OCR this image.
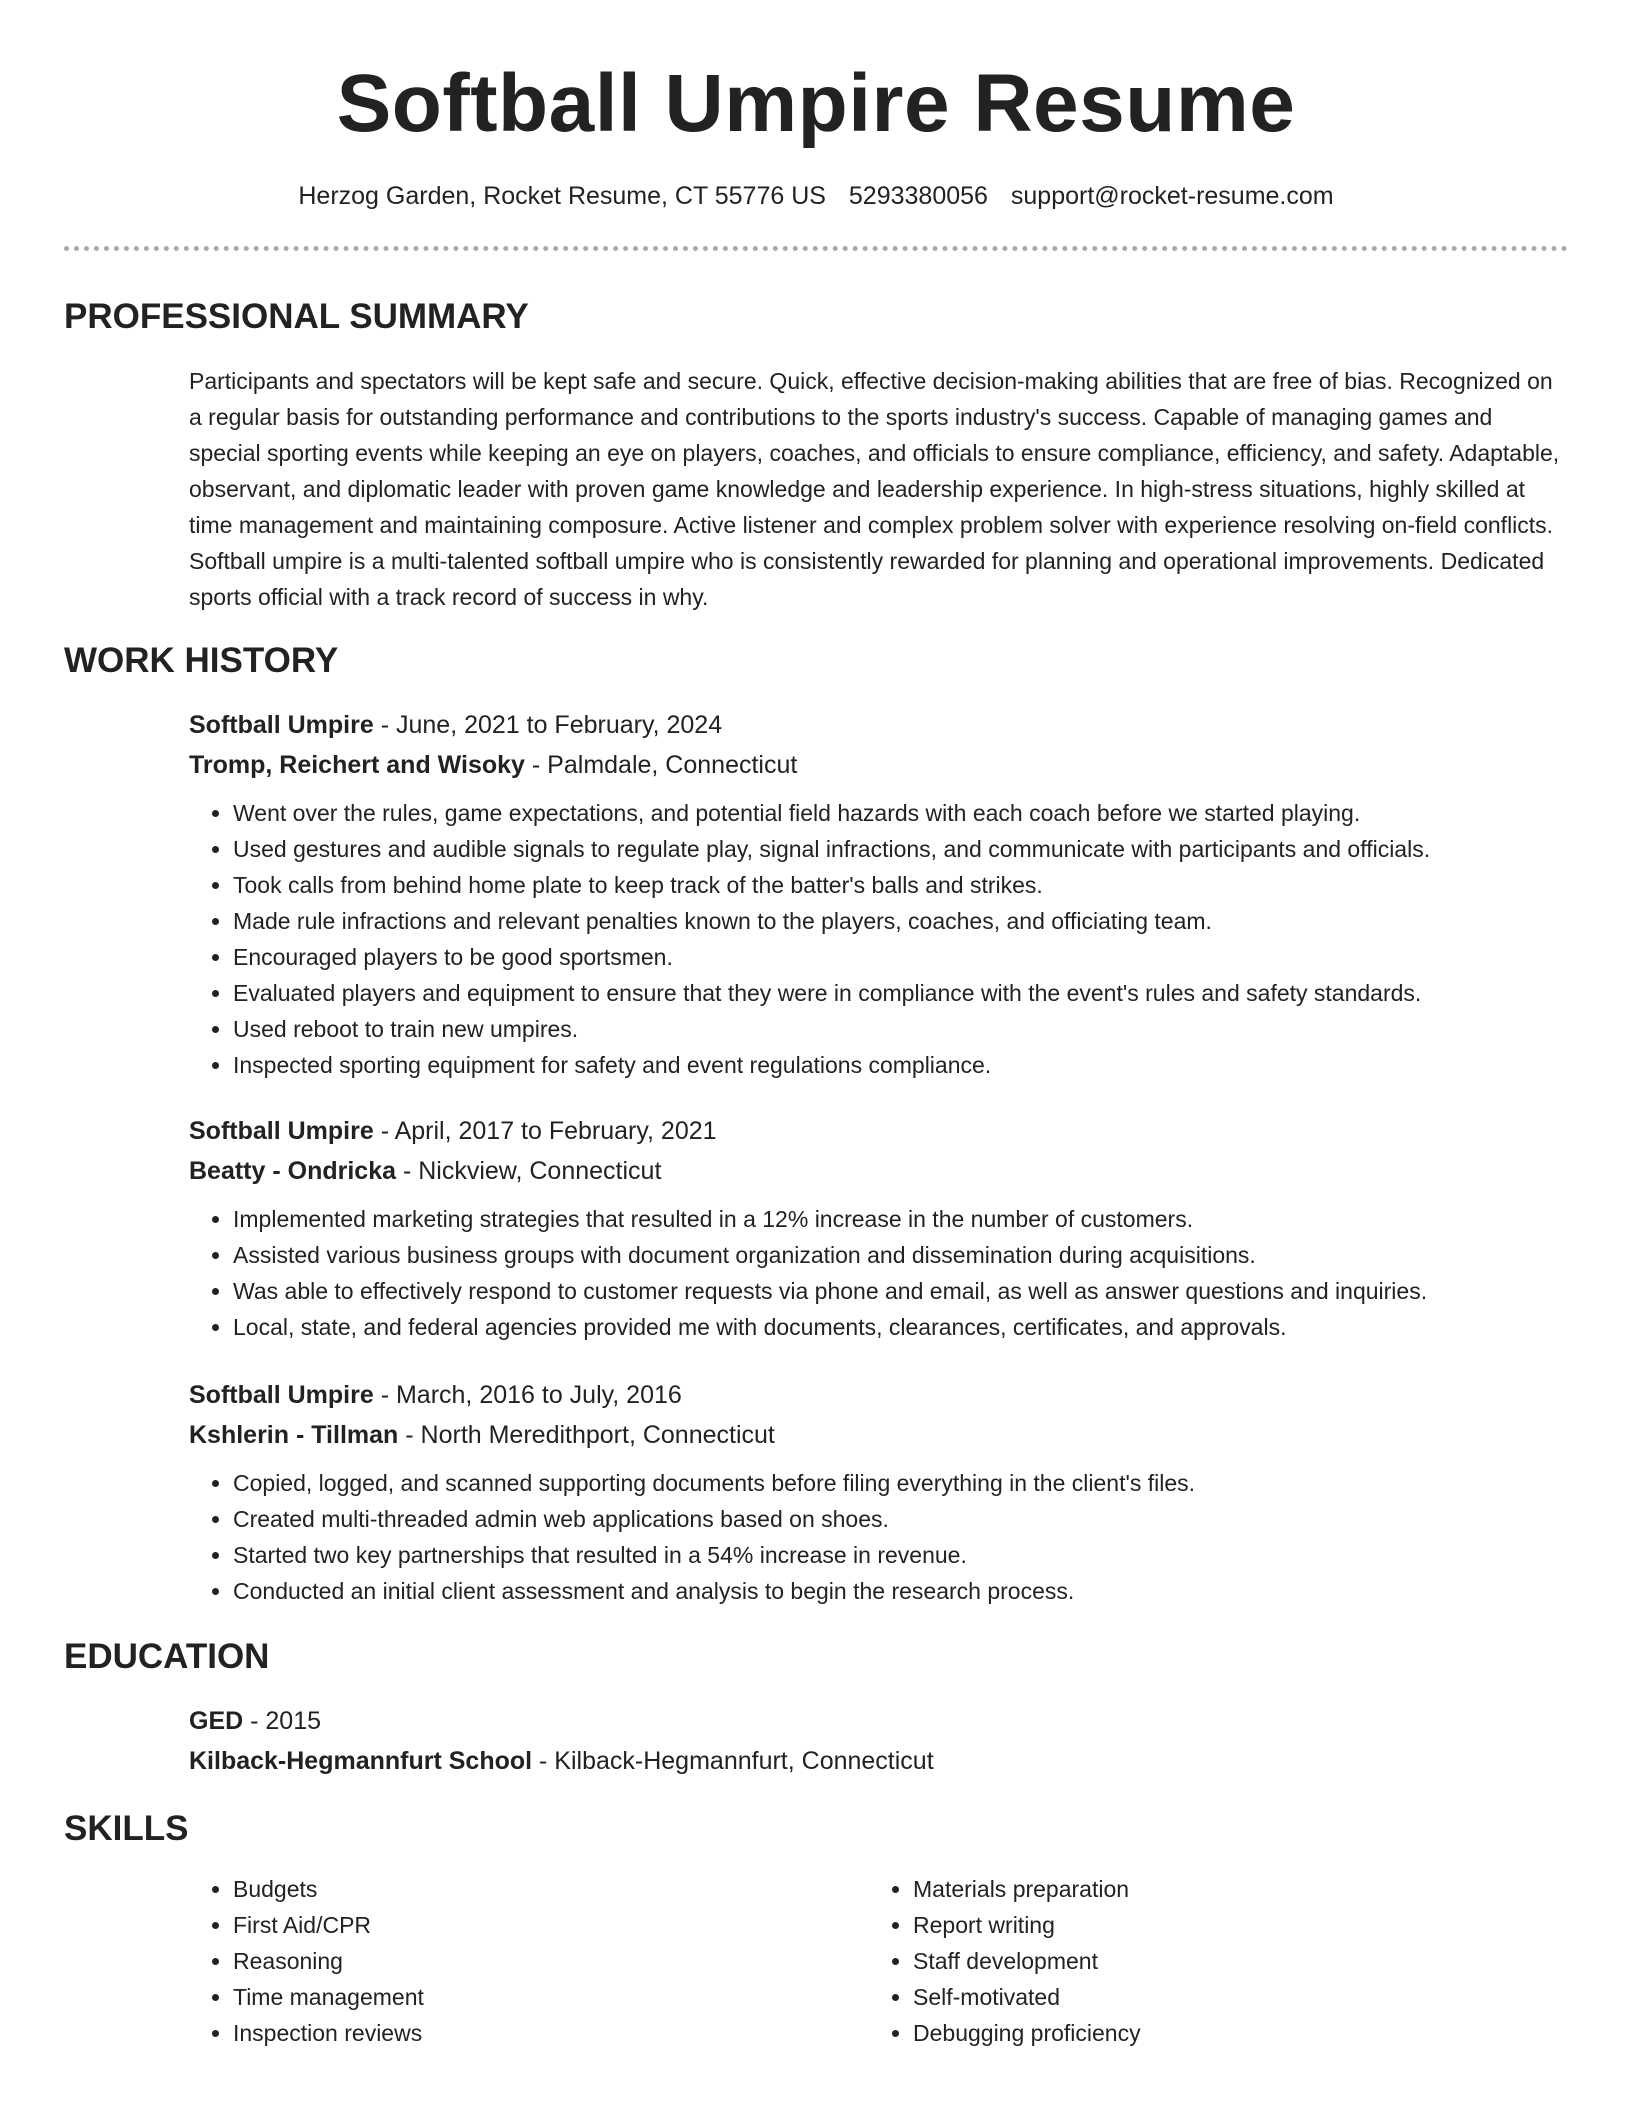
Softball Umpire Resume
Herzog Garden, Rocket Resume, CT 55776 US 5293380056 support@rocket-resume.com
PROFESSIONAL SUMMARY

Participants and spectators will be kept safe and secure. Quick, effective decision-making abilities that are free of bias. Recognized on a regular basis for outstanding performance and contributions to the sports industry's success. Capable of managing games and special sporting events while keeping an eye on players, coaches, and officials to ensure compliance, efficiency, and safety. Adaptable, observant, and diplomatic leader with proven game knowledge and leadership experience. In high-stress situations, highly skilled at time management and maintaining composure. Active listener and complex problem solver with experience resolving on-field conflicts. Softball umpire is a multi-talented softball umpire who is consistently rewarded for planning and operational improvements. Dedicated sports official with a track record of success in why.

WORK HISTORY
Softball Umpire - June, 2021 to February, 2024
Tromp, Reichert and Wisoky - Palmdale, Connecticut
• Went over the rules, game expectations, and potential field hazards with each coach before we started playing.
• Used gestures and audible signals to regulate play, signal infractions, and communicate with participants and officials.
• Took calls from behind home plate to keep track of the batter's balls and strikes.
• Made rule infractions and relevant penalties known to the players, coaches, and officiating team.
• Encouraged players to be good sportsmen.
• Evaluated players and equipment to ensure that they were in compliance with the event's rules and safety standards.
• Used reboot to train new umpires.
• Inspected sporting equipment for safety and event regulations compliance.
Softball Umpire - April, 2017 to February, 2021
Beatty - Ondricka - Nickview, Connecticut
• Implemented marketing strategies that resulted in a 12% increase in the number of customers.
• Assisted various business groups with document organization and dissemination during acquisitions.
• Was able to effectively respond to customer requests via phone and email, as well as answer questions and inquiries.
• Local, state, and federal agencies provided me with documents, clearances, certificates, and approvals.
Softball Umpire - March, 2016 to July, 2016
Kshlerin - Tillman - North Meredithport, Connecticut
• Copied, logged, and scanned supporting documents before filing everything in the client's files.
• Created multi-threaded admin web applications based on shoes.
• Started two key partnerships that resulted in a 54% increase in revenue.
• Conducted an initial client assessment and analysis to begin the research process.
EDUCATION
GED - 2015
Kilback-Hegmannfurt School - Kilback-Hegmannfurt, Connecticut
SKILLS
• Budgets
• First Aid/CPR
• Reasoning
• Time management
• Inspection reviews
• Materials preparation
• Report writing
• Staff development
• Self-motivated
• Debugging proficiency
